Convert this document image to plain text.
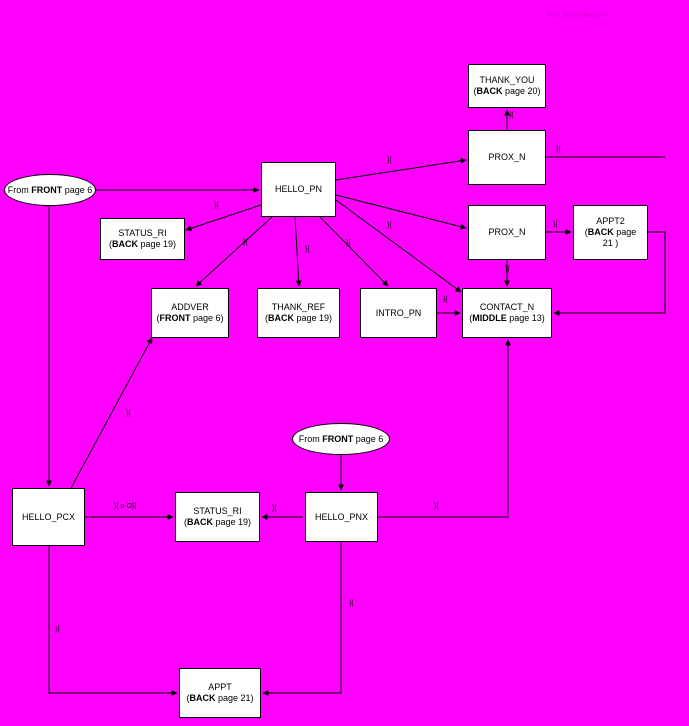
v1x_H0xH.fi Real p V
From FRONT page 6	HELLO_PN
THANK_YOU
(BACK page 20)
PROX_N
PROX_N
APPT2
(BACK page
21 )
STATUS_RI
(BACK page 19)
ADDVER
(FRONT page 6)
THANK_REF
(BACK page 19)
INTRO_PN
CONTACT_N
(MIDDLE page 13)
From FRONT page 6
HELLO_PCX
STATUS_RI
(BACK page 19)
HELLO_PNX
APPT
(BACK page 21)
}{
}{
}{
}{
}{
}{
}{
}{
}{
}{
}{
}{
}{ o O}{	}{	}{
}{
}{
